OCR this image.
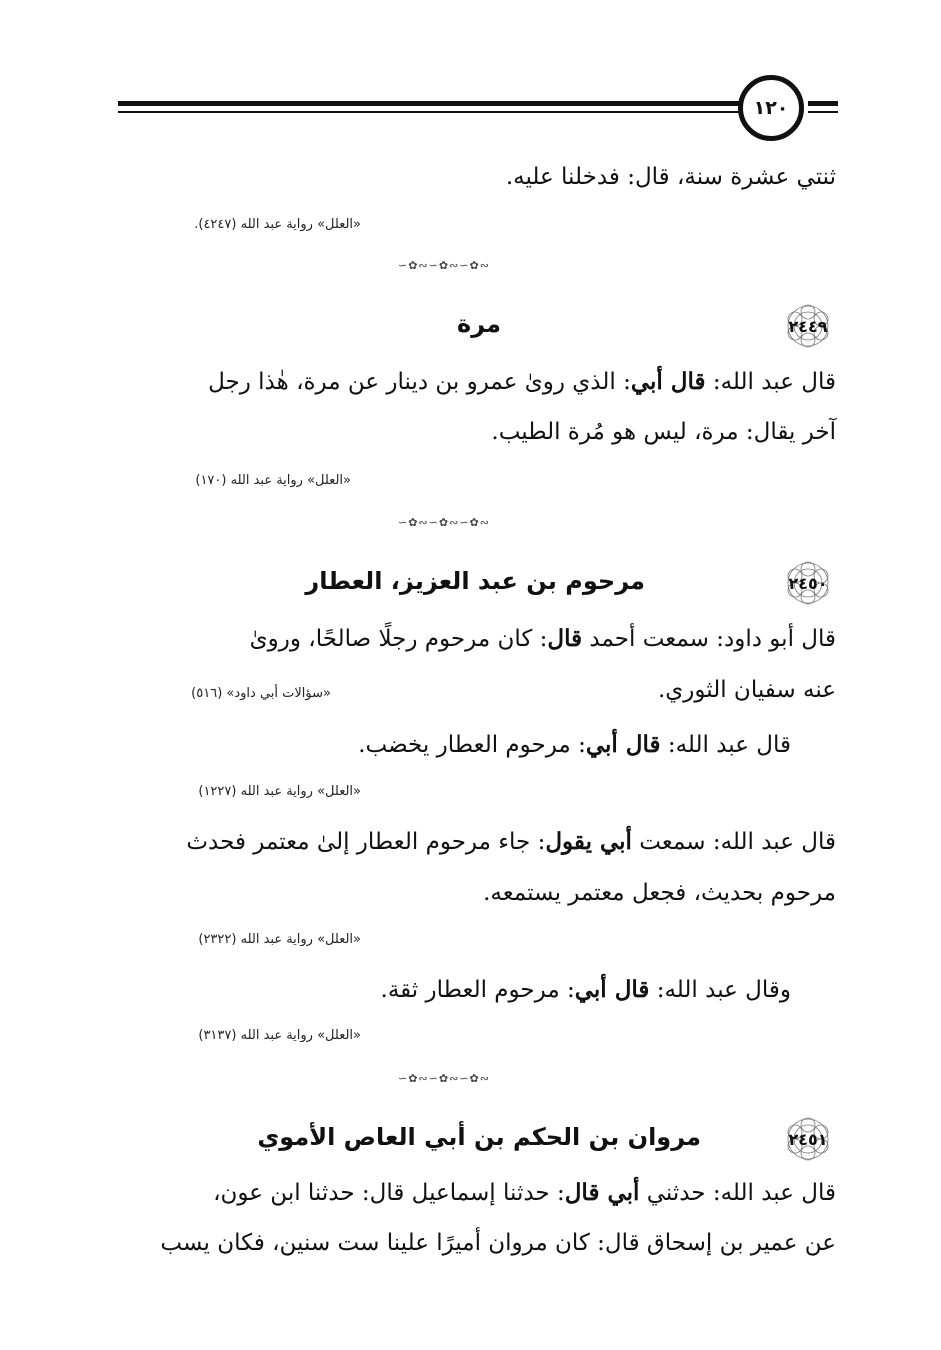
١٢٠
ثنتي عشرة سنة، قال: فدخلنا عليه.
«العلل» رواية عبد الله (٤٢٤٧).
∽✿∾∽✿∾∽✿∾
٢٤٤٩
مرة
قال عبد الله: قال أبي: الذي روىٰ عمرو بن دينار عن مرة، هٰذا رجل
آخر يقال: مرة، ليس هو مُرة الطيب.
«العلل» رواية عبد الله (١٧٠)
∽✿∾∽✿∾∽✿∾
٢٤٥٠
مرحوم بن عبد العزيز، العطار
قال أبو داود: سمعت أحمد قال: كان مرحوم رجلًا صالحًا، وروىٰ
عنه سفيان الثوري.
«سؤالات أبي داود» (٥١٦)
قال عبد الله: قال أبي: مرحوم العطار يخضب.
«العلل» رواية عبد الله (١٢٢٧)
قال عبد الله: سمعت أبي يقول: جاء مرحوم العطار إلىٰ معتمر فحدث
مرحوم بحديث، فجعل معتمر يستمعه.
«العلل» رواية عبد الله (٢٣٢٢)
وقال عبد الله: قال أبي: مرحوم العطار ثقة.
«العلل» رواية عبد الله (٣١٣٧)
∽✿∾∽✿∾∽✿∾
٢٤٥١
مروان بن الحكم بن أبي العاص الأموي
قال عبد الله: حدثني أبي قال: حدثنا إسماعيل قال: حدثنا ابن عون،
عن عمير بن إسحاق قال: كان مروان أميرًا علينا ست سنين، فكان يسب
